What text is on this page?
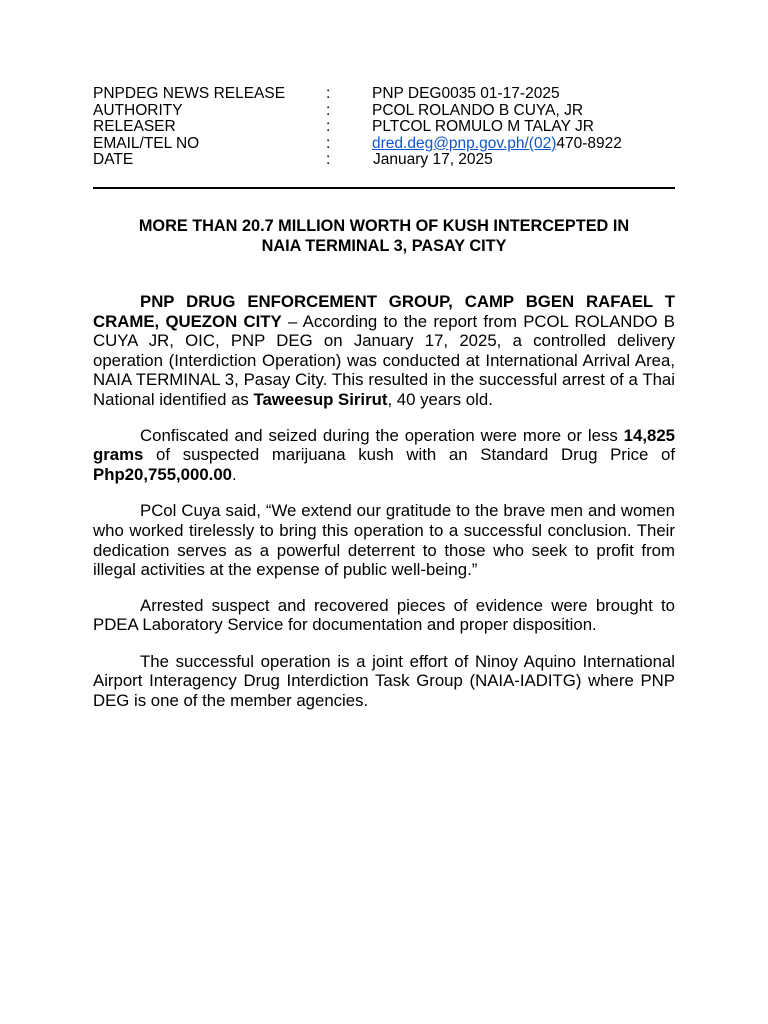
PNPDEG NEWS RELEASE	:	PNP DEG0035 01-17-2025
AUTHORITY	:	PCOL ROLANDO B CUYA, JR
RELEASER	:	PLTCOL ROMULO M TALAY JR
EMAIL/TEL NO	:	dred.deg@pnp.gov.ph/(02)470-8922
DATE	:	January 17, 2025
MORE THAN 20.7 MILLION WORTH OF KUSH INTERCEPTED IN
NAIA TERMINAL 3, PASAY CITY

PNP DRUG ENFORCEMENT GROUP, CAMP BGEN RAFAEL T CRAME, QUEZON CITY – According to the report from PCOL ROLANDO B CUYA JR, OIC, PNP DEG on January 17, 2025, a controlled delivery operation (Interdiction Operation) was conducted at International Arrival Area, NAIA TERMINAL 3, Pasay City. This resulted in the successful arrest of a Thai National identified as Taweesup Sirirut, 40 years old.

Confiscated and seized during the operation were more or less 14,825 grams of suspected marijuana kush with an Standard Drug Price of Php20,755,000.00.

PCol Cuya said, “We extend our gratitude to the brave men and women who worked tirelessly to bring this operation to a successful conclusion. Their dedication serves as a powerful deterrent to those who seek to profit from illegal activities at the expense of public well-being.”

Arrested suspect and recovered pieces of evidence were brought to PDEA Laboratory Service for documentation and proper disposition.

The successful operation is a joint effort of Ninoy Aquino International Airport Interagency Drug Interdiction Task Group (NAIA-IADITG) where PNP DEG is one of the member agencies.
